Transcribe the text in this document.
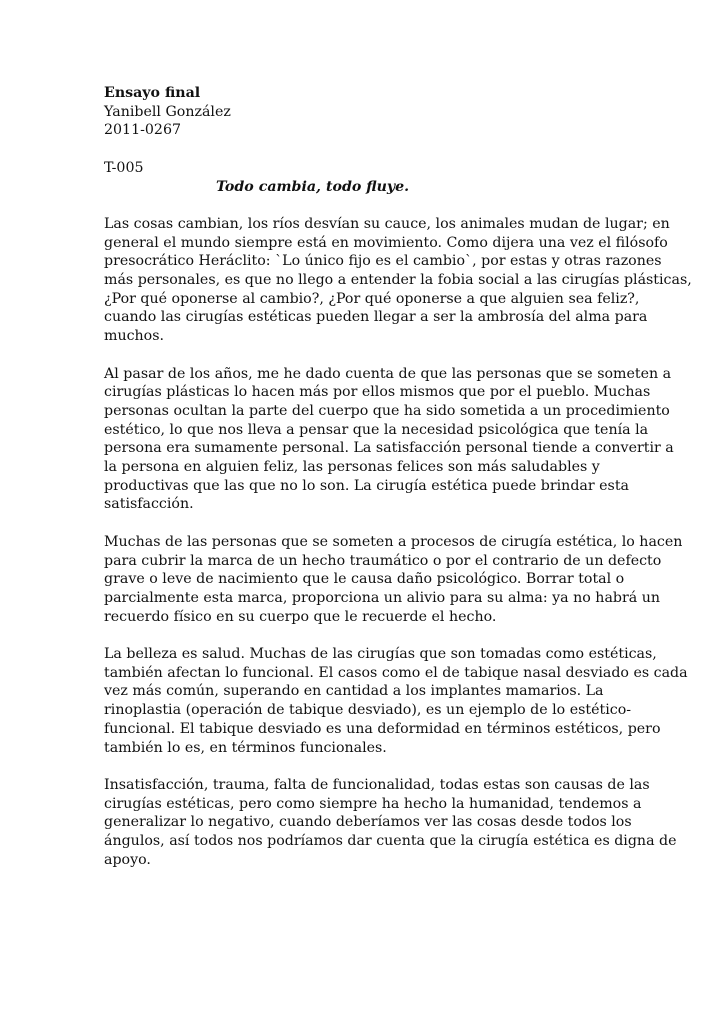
Ensayo final
Yanibell González
2011-0267
T-005
Todo cambia, todo fluye.
Las cosas cambian, los ríos desvían su cauce, los animales mudan de lugar; en
general el mundo siempre está en movimiento. Como dijera una vez el filósofo
presocrático Heráclito: `Lo único fijo es el cambio`, por estas y otras razones
más personales, es que no llego a entender la fobia social a las cirugías plásticas,
¿Por qué oponerse al cambio?, ¿Por qué oponerse a que alguien sea feliz?,
cuando las cirugías estéticas pueden llegar a ser la ambrosía del alma para
muchos.
Al pasar de los años, me he dado cuenta de que las personas que se someten a
cirugías plásticas lo hacen más por ellos mismos que por el pueblo. Muchas
personas ocultan la parte del cuerpo que ha sido sometida a un procedimiento
estético, lo que nos lleva a pensar que la necesidad psicológica que tenía la
persona era sumamente personal. La satisfacción personal tiende a convertir a
la persona en alguien feliz, las personas felices son más saludables y
productivas que las que no lo son. La cirugía estética puede brindar esta
satisfacción.
Muchas de las personas que se someten a procesos de cirugía estética, lo hacen
para cubrir la marca de un hecho traumático o por el contrario de un defecto
grave o leve de nacimiento que le causa daño psicológico. Borrar total o
parcialmente esta marca, proporciona un alivio para su alma: ya no habrá un
recuerdo físico en su cuerpo que le recuerde el hecho.
La belleza es salud. Muchas de las cirugías que son tomadas como estéticas,
también afectan lo funcional. El casos como el de tabique nasal desviado es cada
vez más común, superando en cantidad a los implantes mamarios. La
rinoplastia (operación de tabique desviado), es un ejemplo de lo estético-
funcional. El tabique desviado es una deformidad en términos estéticos, pero
también lo es, en términos funcionales.
Insatisfacción, trauma, falta de funcionalidad, todas estas son causas de las
cirugías estéticas, pero como siempre ha hecho la humanidad, tendemos a
generalizar lo negativo, cuando deberíamos ver las cosas desde todos los
ángulos, así todos nos podríamos dar cuenta que la cirugía estética es digna de
apoyo.
